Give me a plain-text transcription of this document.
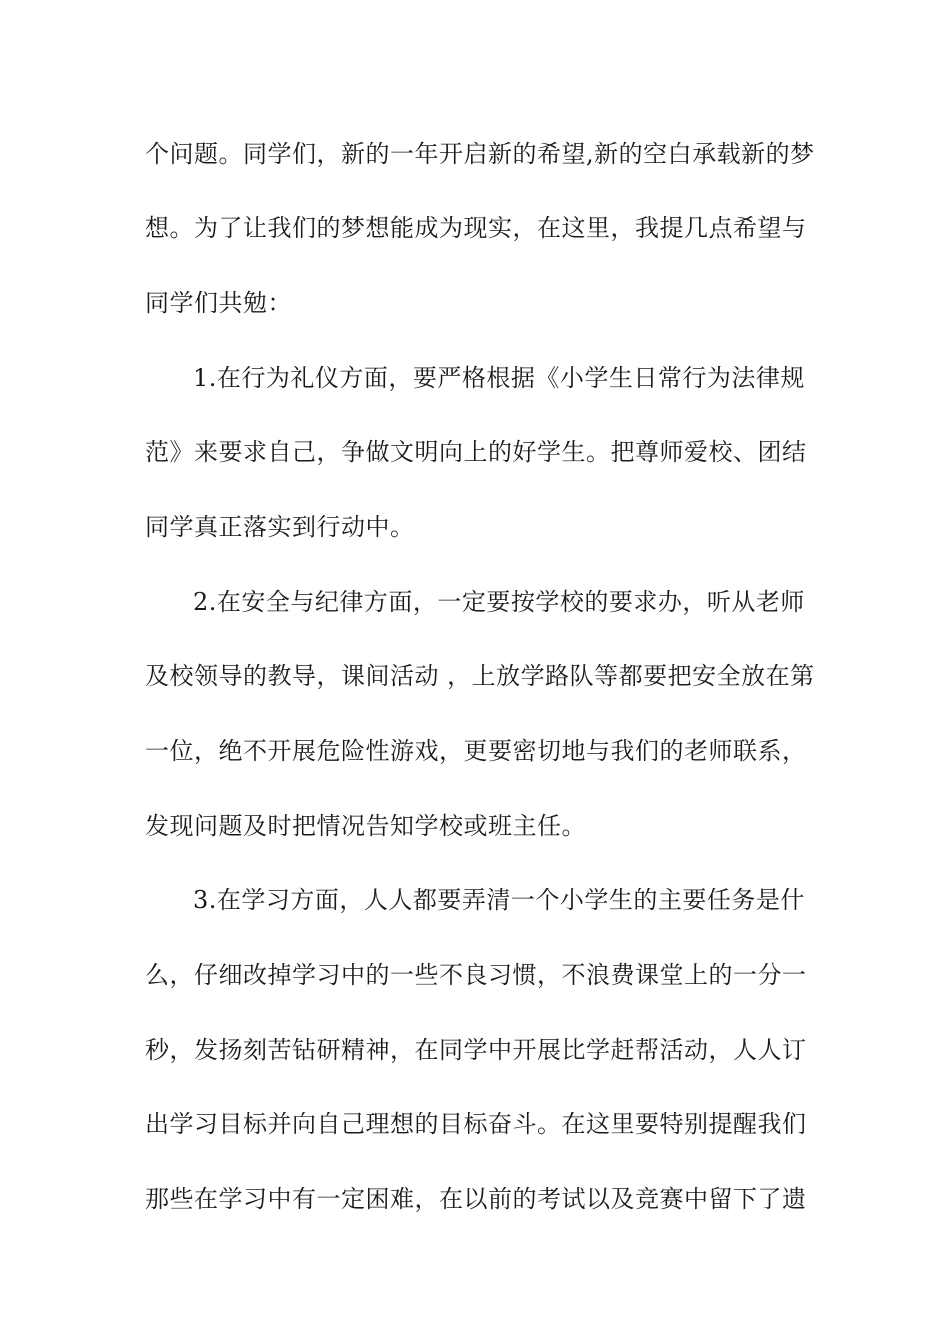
个问题。同学们，新的一年开启新的希望,新的空白承载新的梦
想。为了让我们的梦想能成为现实，在这里，我提几点希望与
同学们共勉：
1.在行为礼仪方面，要严格根据《小学生日常行为法律规
范》来要求自己，争做文明向上的好学生。把尊师爱校、团结
同学真正落实到行动中。
2.在安全与纪律方面，一定要按学校的要求办，听从老师
及校领导的教导，课间活动 ，上放学路队等都要把安全放在第
一位，绝不开展危险性游戏，更要密切地与我们的老师联系，
发现问题及时把情况告知学校或班主任。
3.在学习方面，人人都要弄清一个小学生的主要任务是什
么，仔细改掉学习中的一些不良习惯，不浪费课堂上的一分一
秒，发扬刻苦钻研精神，在同学中开展比学赶帮活动，人人订
出学习目标并向自己理想的目标奋斗。在这里要特别提醒我们
那些在学习中有一定困难，在以前的考试以及竞赛中留下了遗
